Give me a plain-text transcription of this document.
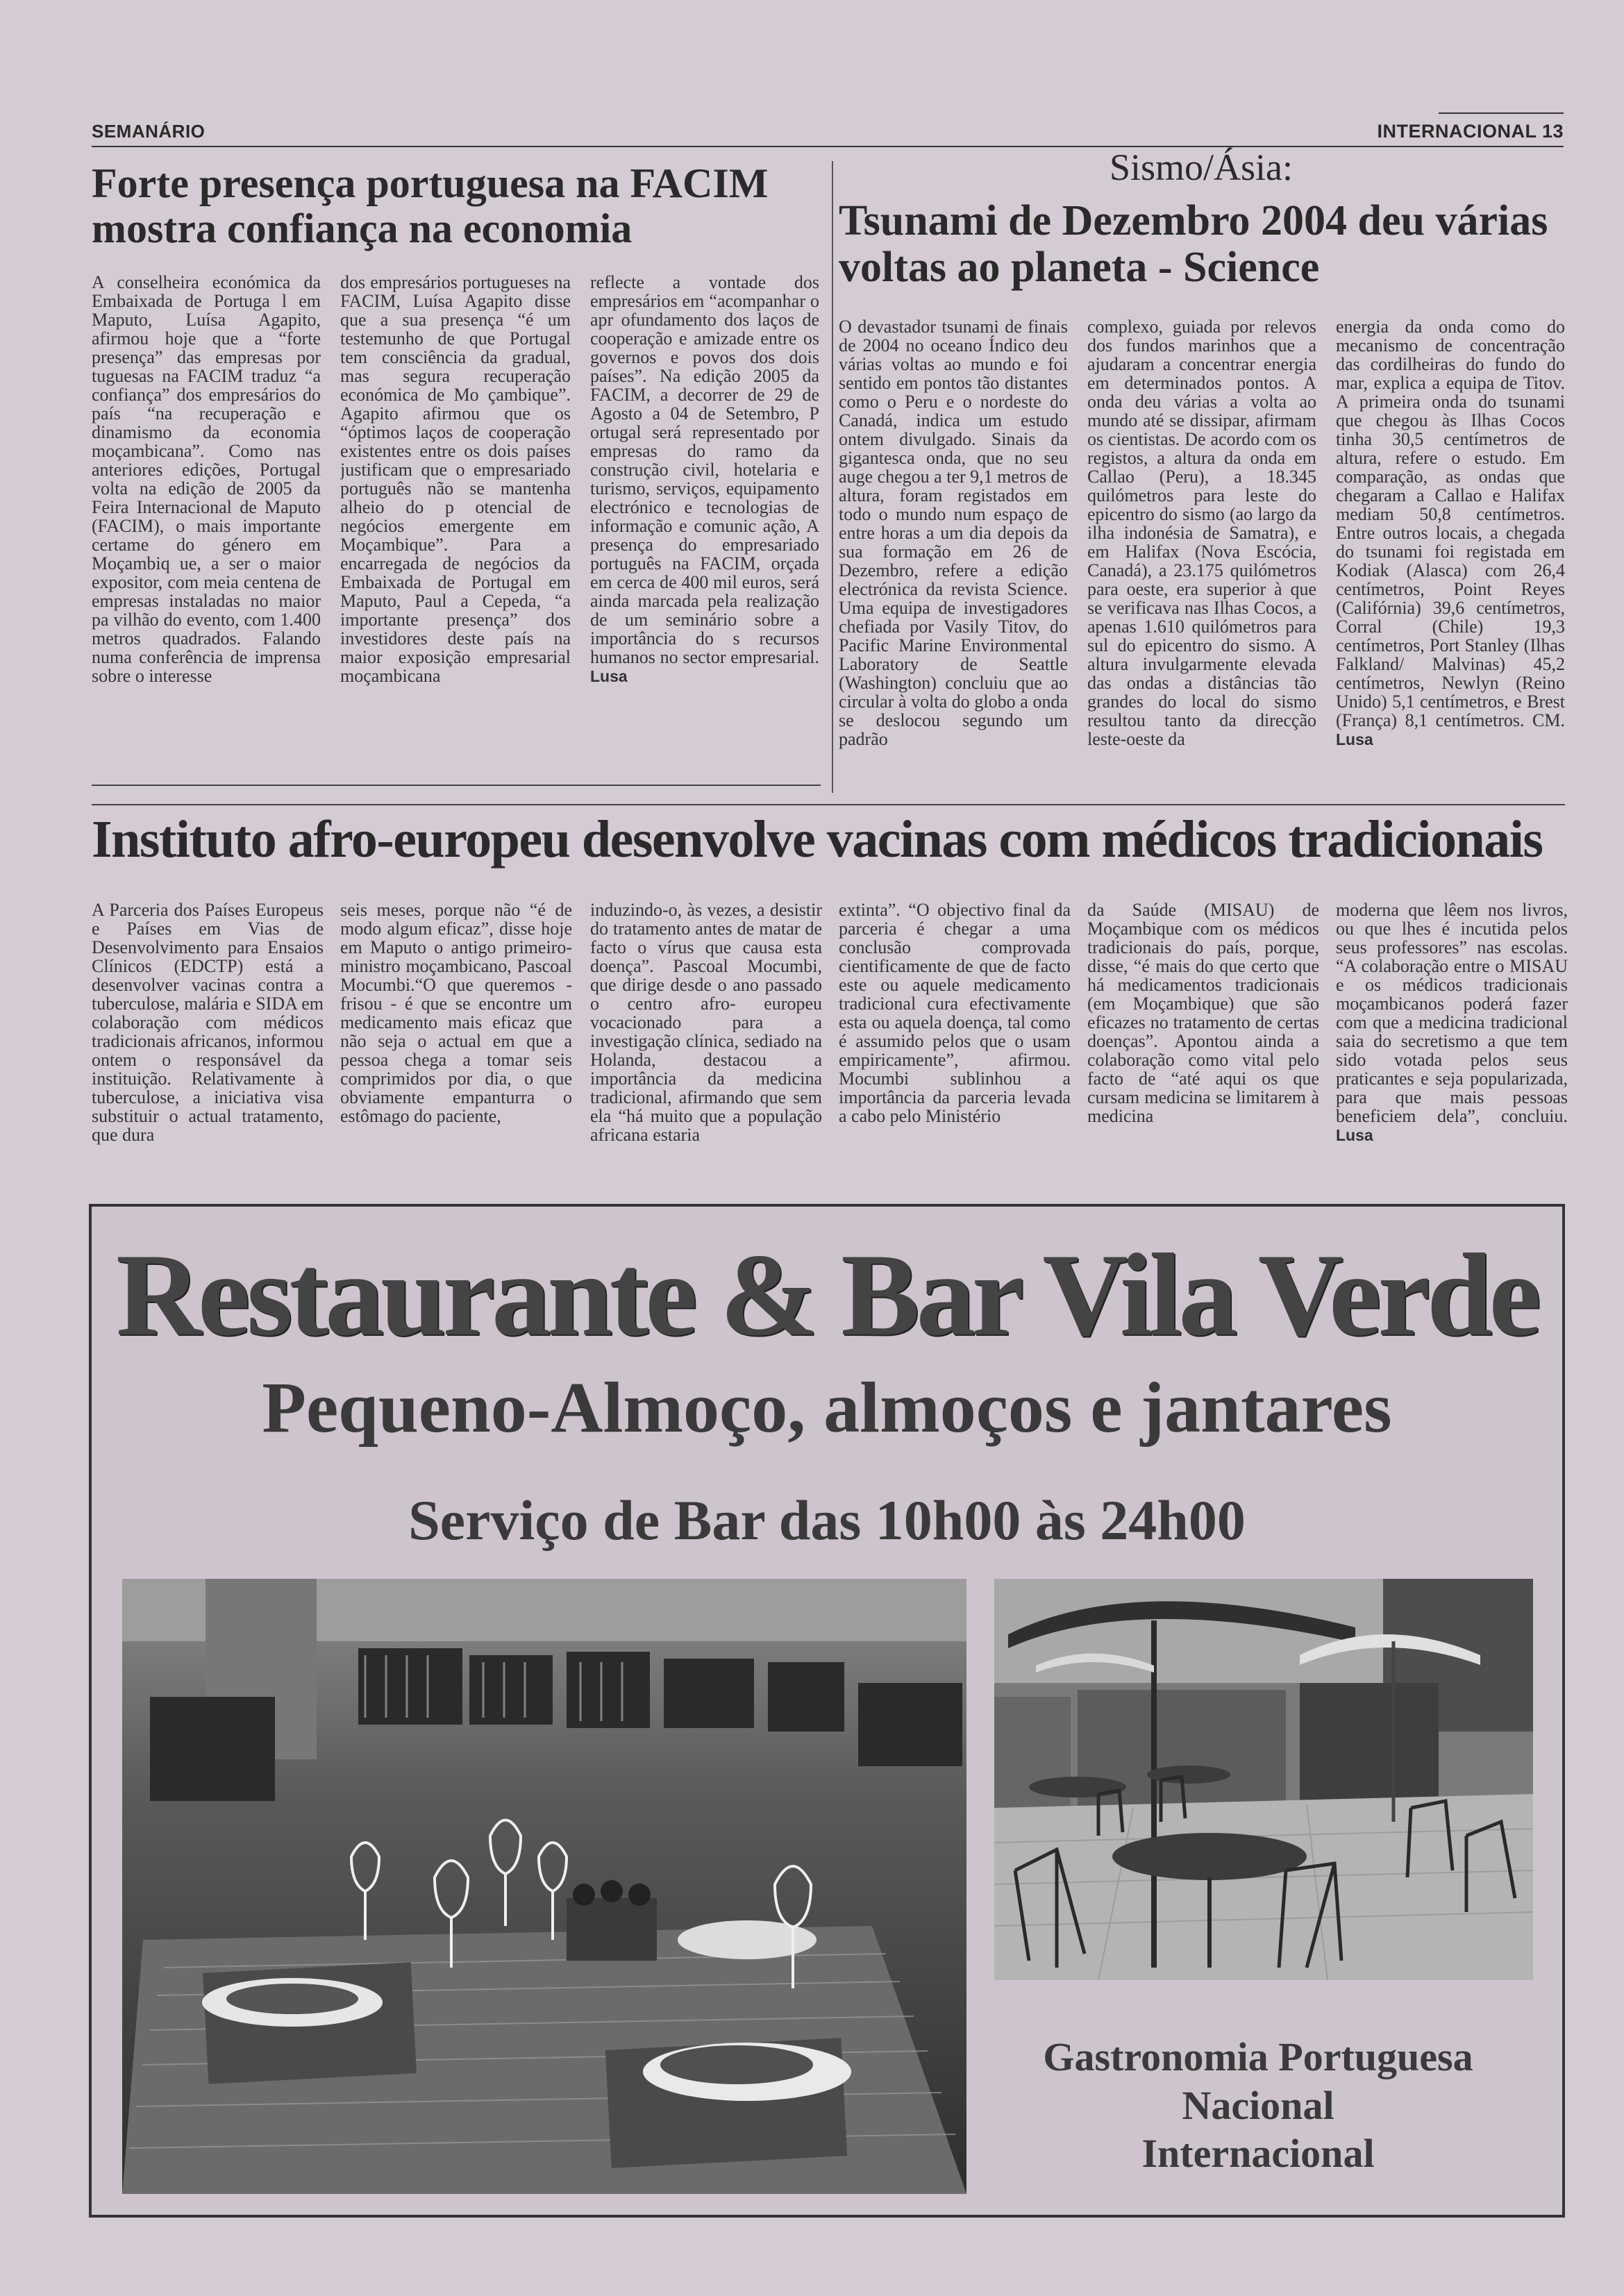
SEMANÁRIO	INTERNACIONAL 13
Forte presença portuguesa na FACIM
mostra confiança na economia

A conselheira económica da Embaixada de Portuga l em Maputo, Luísa Agapito, afirmou hoje que a “forte presença” das empresas por tuguesas na FACIM traduz “a confiança” dos empresários do país “na recuperação e dinamismo da economia moçambicana”. Como nas anteriores edições, Portugal volta na edição de 2005 da Feira Internacional de Maputo (FACIM), o mais importante certame do género em Moçambiq ue, a ser o maior expositor, com meia centena de empresas instaladas no maior pa vilhão do evento, com 1.400 metros quadrados. Falando numa conferência de imprensa sobre o interesse

dos empresários portugueses na FACIM, Luísa Agapito disse que a sua presença “é um testemunho de que Portugal tem consciência da gradual, mas segura recuperação económica de Mo çambique”. Agapito afirmou que os “óptimos laços de cooperação existentes entre os dois países justificam que o empresariado português não se mantenha alheio do p otencial de negócios emergente em Moçambique”. Para a encarregada de negócios da Embaixada de Portugal em Maputo, Paul a Cepeda, “a importante presença” dos investidores deste país na maior exposição empresarial moçambicana

reflecte a vontade dos empresários em “acompanhar o apr ofundamento dos laços de cooperação e amizade entre os governos e povos dos dois países”. Na edição 2005 da FACIM, a decorrer de 29 de Agosto a 04 de Setembro, P ortugal será representado por empresas do ramo da construção civil, hotelaria e turismo, serviços, equipamento electrónico e tecnologias de informação e comunic ação, A presença do empresariado português na FACIM, orçada em cerca de 400 mil euros, será ainda marcada pela realização de um seminário sobre a importância do s recursos humanos no sector empresarial. Lusa

Sismo/Ásia:
Tsunami de Dezembro 2004 deu várias
voltas ao planeta - Science

O devastador tsunami de finais de 2004 no oceano Índico deu várias voltas ao mundo e foi sentido em pontos tão distantes como o Peru e o nordeste do Canadá, indica um estudo ontem divulgado. Sinais da gigantesca onda, que no seu auge chegou a ter 9,1 metros de altura, foram registados em todo o mundo num espaço de entre horas a um dia depois da sua formação em 26 de Dezembro, refere a edição electrónica da revista Science. Uma equipa de investigadores chefiada por Vasily Titov, do Pacific Marine Environmental Laboratory de Seattle (Washington) concluiu que ao circular à volta do globo a onda se deslocou segundo um padrão

complexo, guiada por relevos dos fundos marinhos que a ajudaram a concentrar energia em determinados pontos. A onda deu várias a volta ao mundo até se dissipar, afirmam os cientistas. De acordo com os registos, a altura da onda em Callao (Peru), a 18.345 quilómetros para leste do epicentro do sismo (ao largo da ilha indonésia de Samatra), e em Halifax (Nova Escócia, Canadá), a 23.175 quilómetros para oeste, era superior à que se verificava nas Ilhas Cocos, a apenas 1.610 quilómetros para sul do epicentro do sismo. A altura invulgarmente elevada das ondas a distâncias tão grandes do local do sismo resultou tanto da direcção leste-oeste da

energia da onda como do mecanismo de concentração das cordilheiras do fundo do mar, explica a equipa de Titov. A primeira onda do tsunami que chegou às Ilhas Cocos tinha 30,5 centímetros de altura, refere o estudo. Em comparação, as ondas que chegaram a Callao e Halifax mediam 50,8 centímetros. Entre outros locais, a chegada do tsunami foi registada em Kodiak (Alasca) com 26,4 centímetros, Point Reyes (Califórnia) 39,6 centímetros, Corral (Chile) 19,3 centímetros, Port Stanley (Ilhas Falkland/ Malvinas) 45,2 centímetros, Newlyn (Reino Unido) 5,1 centímetros, e Brest (França) 8,1 centímetros. CM. Lusa

Instituto afro-europeu desenvolve vacinas com médicos tradicionais

A Parceria dos Países Europeus e Países em Vias de Desenvolvimento para Ensaios Clínicos (EDCTP) está a desenvolver vacinas contra a tuberculose, malária e SIDA em colaboração com médicos tradicionais africanos, informou ontem o responsável da instituição. Relativamente à tuberculose, a iniciativa visa substituir o actual tratamento, que dura

seis meses, porque não “é de modo algum eficaz”, disse hoje em Maputo o antigo primeiro-ministro moçambicano, Pascoal Mocumbi.“O que queremos - frisou - é que se encontre um medicamento mais eficaz que não seja o actual em que a pessoa chega a tomar seis comprimidos por dia, o que obviamente empanturra o estômago do paciente,

induzindo-o, às vezes, a desistir do tratamento antes de matar de facto o vírus que causa esta doença”. Pascoal Mocumbi, que dirige desde o ano passado o centro afro- europeu vocacionado para a investigação clínica, sediado na Holanda, destacou a importância da medicina tradicional, afirmando que sem ela “há muito que a população africana estaria

extinta”. “O objectivo final da parceria é chegar a uma conclusão comprovada cientificamente de que de facto este ou aquele medicamento tradicional cura efectivamente esta ou aquela doença, tal como é assumido pelos que o usam empiricamente”, afirmou. Mocumbi sublinhou a importância da parceria levada a cabo pelo Ministério

da Saúde (MISAU) de Moçambique com os médicos tradicionais do país, porque, disse, “é mais do que certo que há medicamentos tradicionais (em Moçambique) que são eficazes no tratamento de certas doenças”. Apontou ainda a colaboração como vital pelo facto de “até aqui os que cursam medicina se limitarem à medicina

moderna que lêem nos livros, ou que lhes é incutida pelos seus professores” nas escolas. “A colaboração entre o MISAU e os médicos tradicionais moçambicanos poderá fazer com que a medicina tradicional saia do secretismo a que tem sido votada pelos seus praticantes e seja popularizada, para que mais pessoas beneficiem dela”, concluiu. Lusa

Restaurante & Bar Vila Verde
Pequeno-Almoço, almoços e jantares
Serviço de Bar das 10h00 às 24h00
Gastronomia Portuguesa
Nacional
Internacional
